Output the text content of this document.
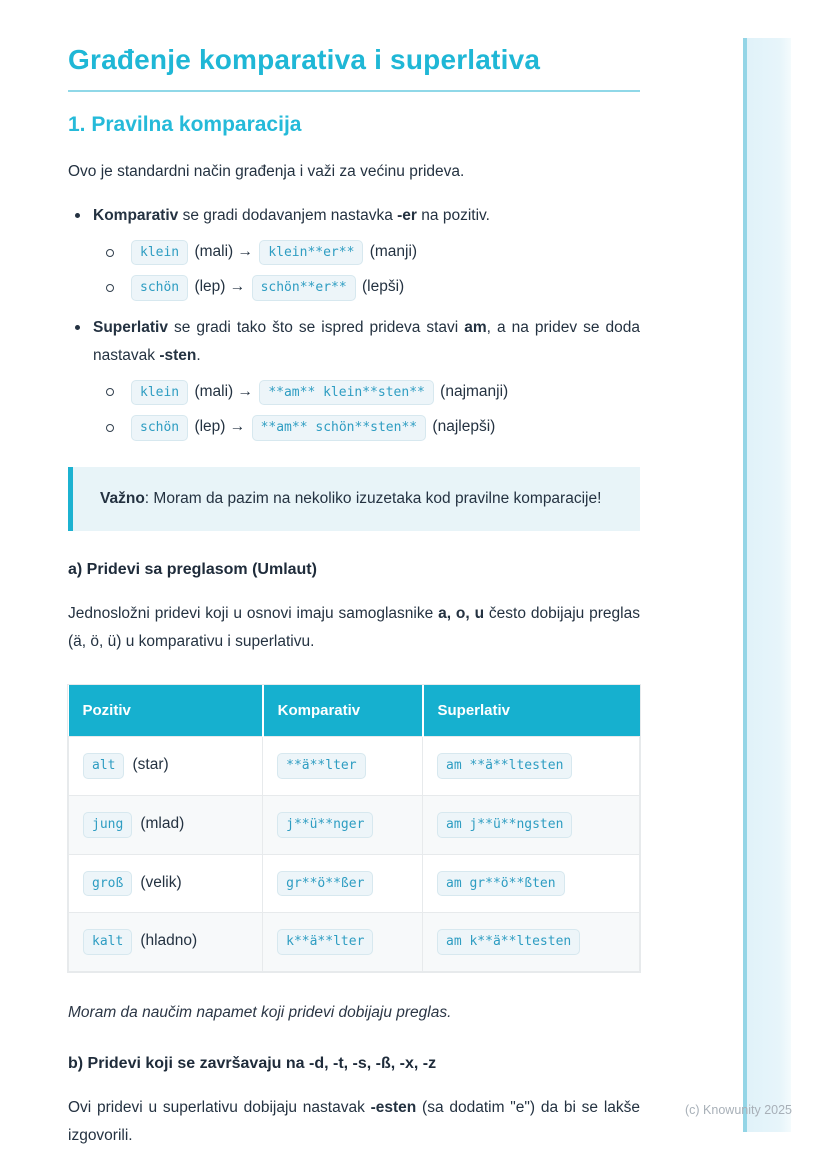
Građenje komparativa i superlativa
1. Pravilna komparacija

Ovo je standardni način građenja i važi za većinu prideva.

Komparativ se gradi dodavanjem nastavka -er na pozitiv.
klein (mali) → klein**er** (manji)
schön (lep) → schön**er** (lepši)
Superlativ se gradi tako što se ispred prideva stavi am, a na pridev se doda nastavak -sten.
klein (mali) → **am** klein**sten** (najmanji)
schön (lep) → **am** schön**sten** (najlepši)

Važno: Moram da pazim na nekoliko izuzetaka kod pravilne komparacije!

a) Pridevi sa preglasom (Umlaut)

Jednosložni pridevi koji u osnovi imaju samoglasnike a, o, u često dobijaju preglas (ä, ö, ü) u komparativu i superlativu.

Pozitiv	Komparativ	Superlativ
alt (star)	**ä**lter	am **ä**ltesten
jung (mlad)	j**ü**nger	am j**ü**ngsten
groß (velik)	gr**ö**ßer	am gr**ö**ßten
kalt (hladno)	k**ä**lter	am k**ä**ltesten

Moram da naučim napamet koji pridevi dobijaju preglas.

b) Pridevi koji se završavaju na -d, -t, -s, -ß, -x, -z

Ovi pridevi u superlativu dobijaju nastavak -esten (sa dodatim "e") da bi se lakše izgovorili.

(c) Knowunity 2025
